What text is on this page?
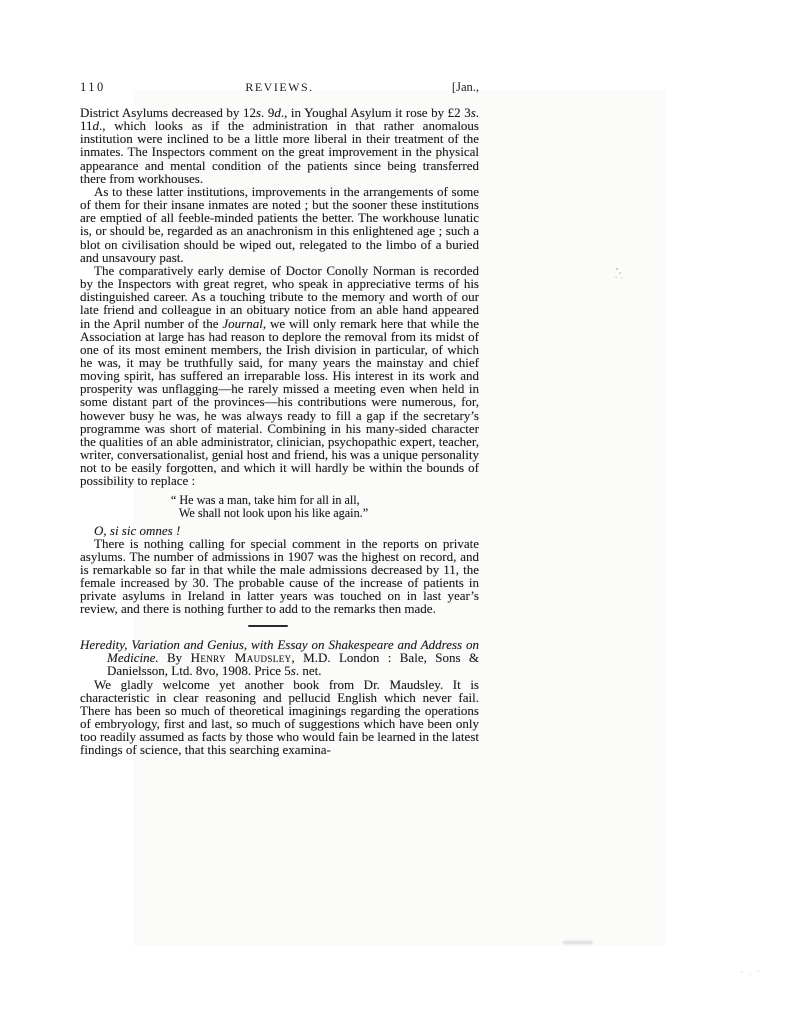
110	REVIEWS.	[Jan.,

District Asylums decreased by 12s. 9d., in Youghal Asylum it rose by £2 3s. 11d., which looks as if the administration in that rather anomalous institution were inclined to be a little more liberal in their treatment of the inmates. The Inspectors comment on the great improvement in the physical appearance and mental condition of the patients since being transferred there from workhouses.

As to these latter institutions, improvements in the arrangements of some of them for their insane inmates are noted ; but the sooner these institutions are emptied of all feeble-minded patients the better. The workhouse lunatic is, or should be, regarded as an anachronism in this enlightened age ; such a blot on civilisation should be wiped out, relegated to the limbo of a buried and unsavoury past.

The comparatively early demise of Doctor Conolly Norman is recorded by the Inspectors with great regret, who speak in appreciative terms of his distinguished career. As a touching tribute to the memory and worth of our late friend and colleague in an obituary notice from an able hand appeared in the April number of the Journal, we will only remark here that while the Association at large has had reason to deplore the removal from its midst of one of its most eminent members, the Irish division in particular, of which he was, it may be truthfully said, for many years the mainstay and chief moving spirit, has suffered an irreparable loss. His interest in its work and prosperity was unflagging—he rarely missed a meeting even when held in some distant part of the provinces—his contributions were numerous, for, however busy he was, he was always ready to fill a gap if the secretary’s programme was short of material. Combining in his many-sided character the qualities of an able administrator, clinician, psychopathic expert, teacher, writer, conversationalist, genial host and friend, his was a unique personality not to be easily forgotten, and which it will hardly be within the bounds of possibility to replace :

“ He was a man, take him for all in all,
We shall not look upon his like again.”

O, si sic omnes !

There is nothing calling for special comment in the reports on private asylums. The number of admissions in 1907 was the highest on record, and is remarkable so far in that while the male admissions decreased by 11, the female increased by 30. The probable cause of the increase of patients in private asylums in Ireland in latter years was touched on in last year’s review, and there is nothing further to add to the remarks then made.

Heredity, Variation and Genius, with Essay on Shakespeare and Address on Medicine. By Henry Maudsley, M.D. London : Bale, Sons & Danielsson, Ltd. 8vo, 1908. Price 5s. net.

We gladly welcome yet another book from Dr. Maudsley. It is characteristic in clear reasoning and pellucid English which never fail. There has been so much of theoretical imaginings regarding the operations of embryology, first and last, so much of suggestions which have been only too readily assumed as facts by those who would fain be learned in the latest findings of science, that this searching examina-
